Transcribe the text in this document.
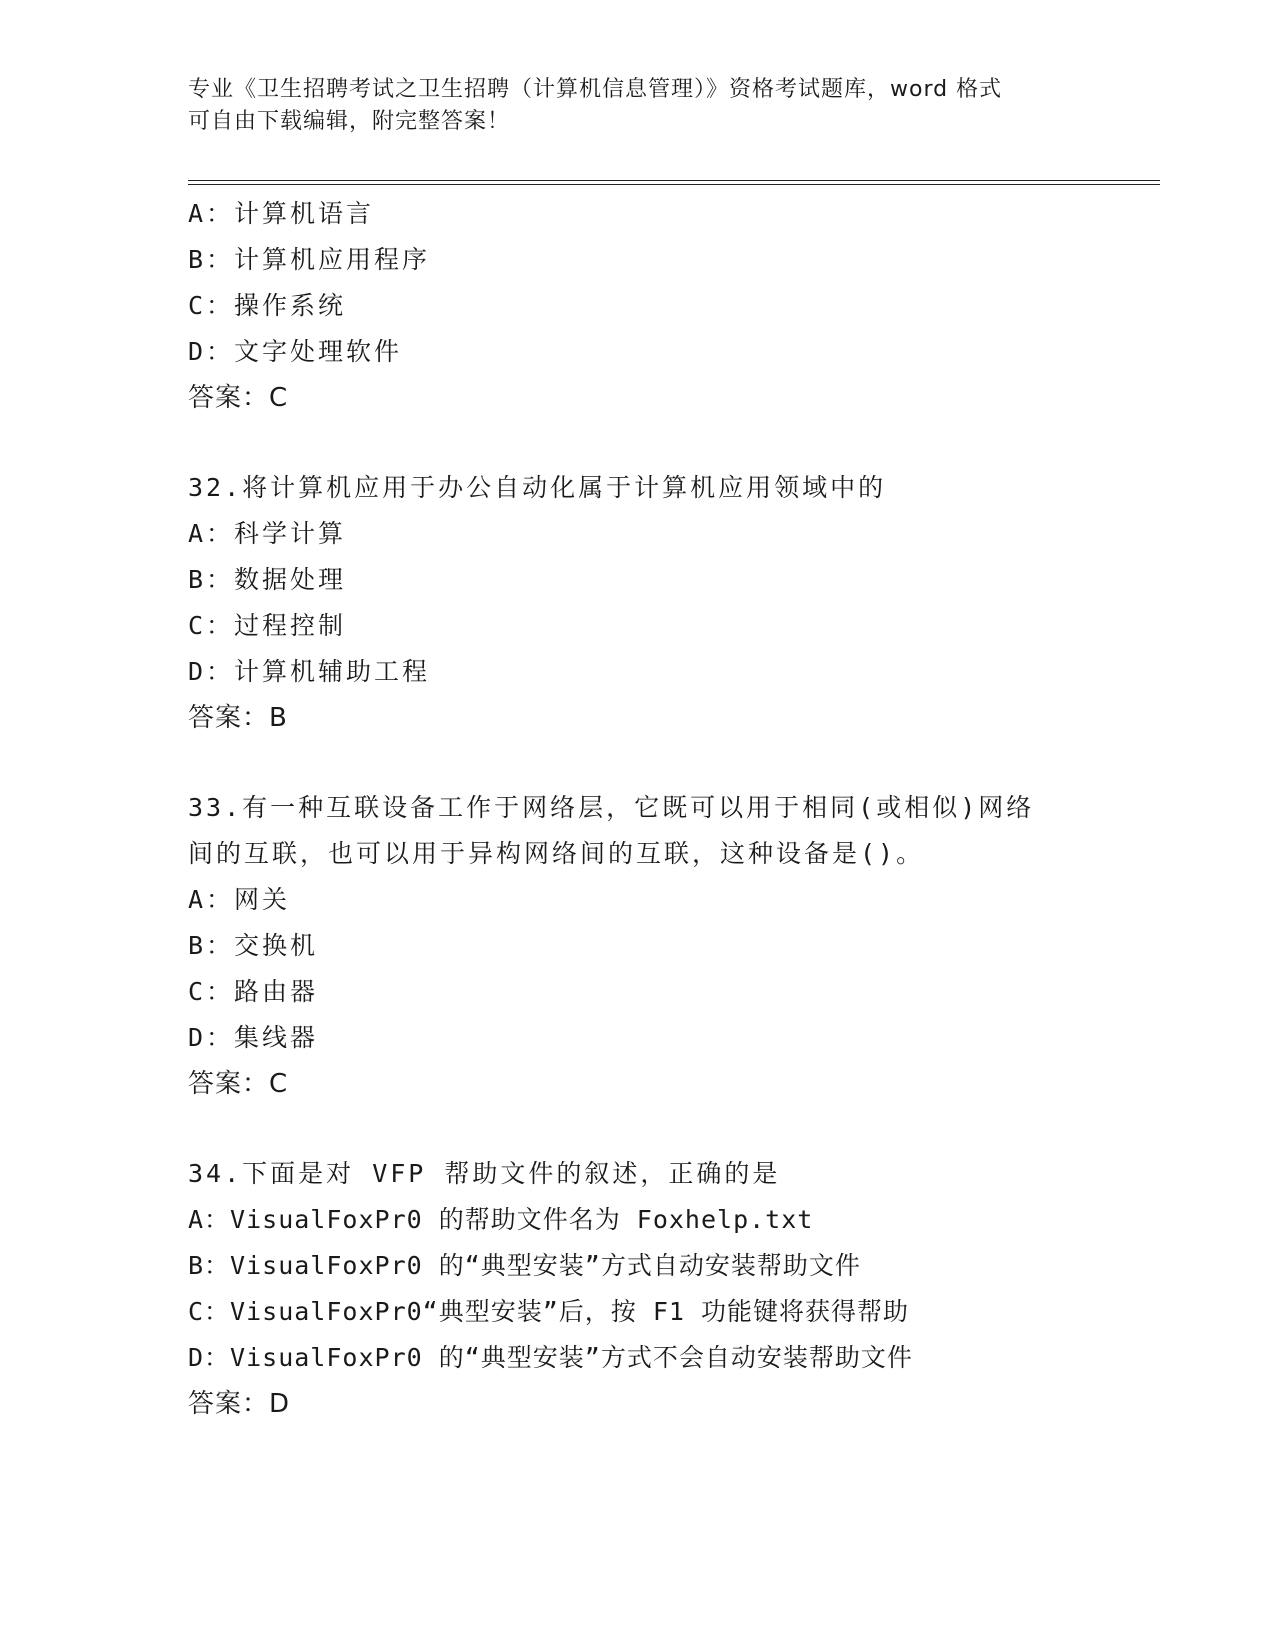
专业《卫生招聘考试之卫生招聘（计算机信息管理）》资格考试题库，word 格式
可自由下载编辑，附完整答案！
A：计算机语言
B：计算机应用程序
C：操作系统
D：文字处理软件
答案：C
32.将计算机应用于办公自动化属于计算机应用领域中的
A：科学计算
B：数据处理
C：过程控制
D：计算机辅助工程
答案：B
33.有一种互联设备工作于网络层，它既可以用于相同(或相似)网络间的互联，也可以用于异构网络间的互联，这种设备是()。
A：网关
B：交换机
C：路由器
D：集线器
答案：C
34.下面是对 VFP 帮助文件的叙述，正确的是
A：VisualFoxPr0 的帮助文件名为 Foxhelp.txt
B：VisualFoxPr0 的“典型安装”方式自动安装帮助文件
C：VisualFoxPr0“典型安装”后，按 F1 功能键将获得帮助
D：VisualFoxPr0 的“典型安装”方式不会自动安装帮助文件
答案：D
